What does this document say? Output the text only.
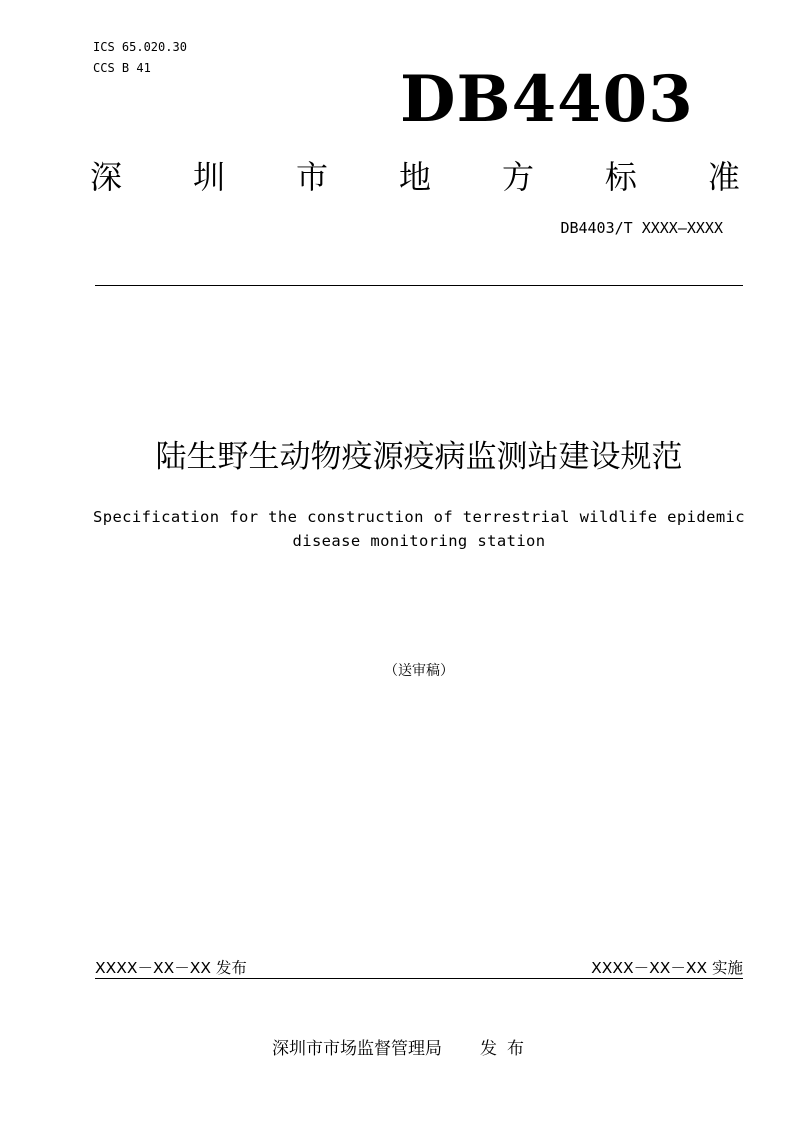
ICS 65.020.30
CCS B 41	DB4403
深 圳 市 地 方 标 准
DB4403/T XXXX—XXXX
陆生野生动物疫源疫病监测站建设规范
Specification for the construction of terrestrial wildlife epidemic
disease monitoring station
（送审稿）
XXXX－XX－XX 发布	XXXX－XX－XX 实施
深圳市市场监督管理局 发布
